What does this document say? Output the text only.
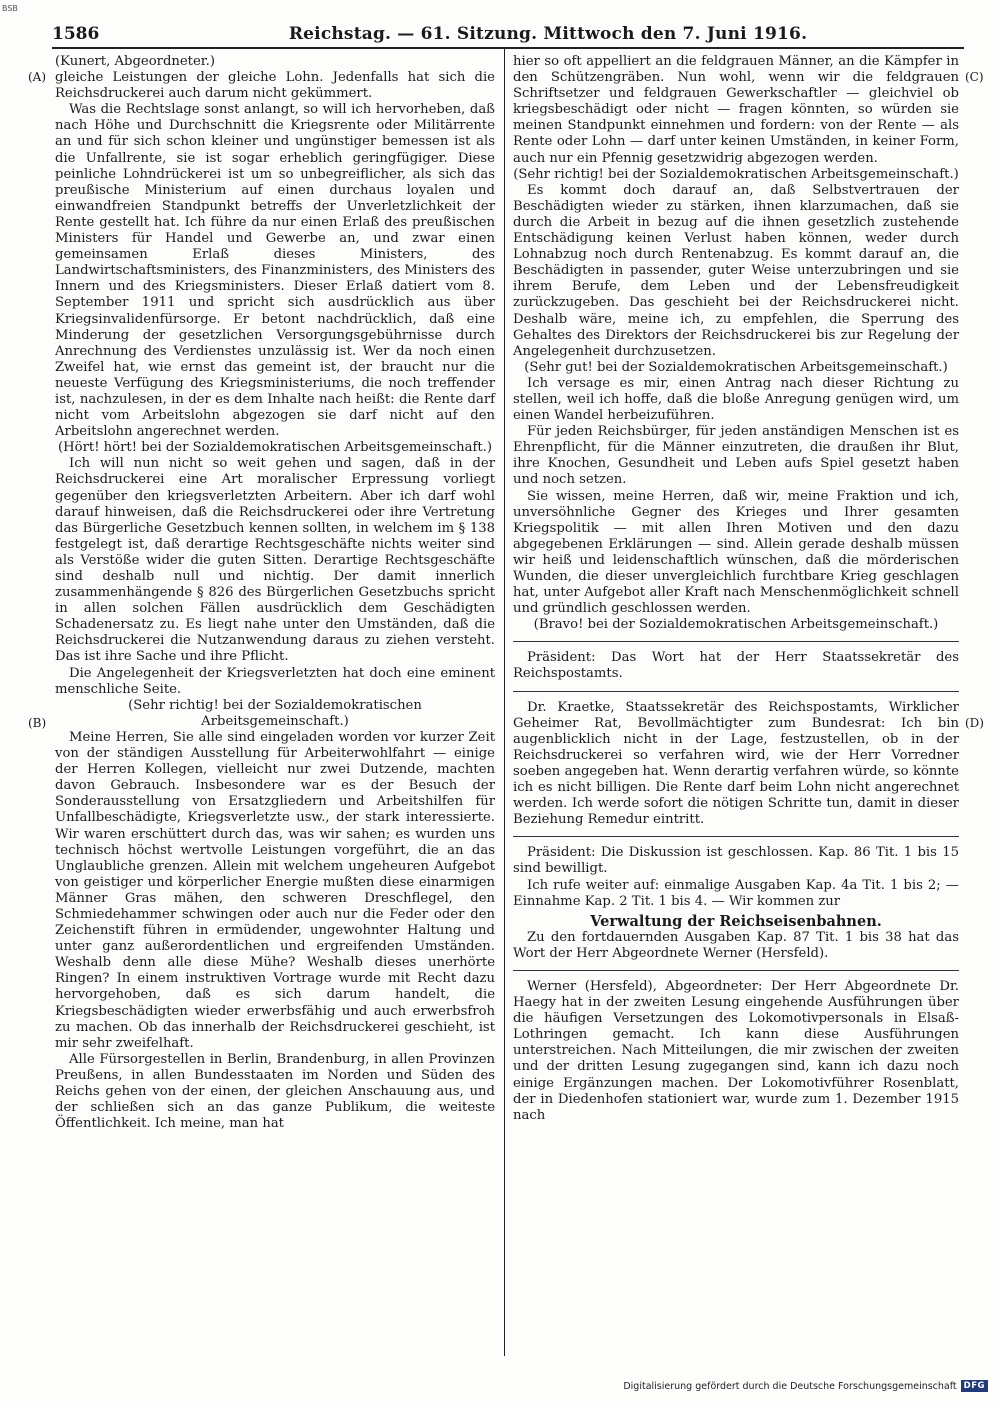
BSB
1586	Reichstag. — 61. Sitzung. Mittwoch den 7. Juni 1916.
(A)
(B)
(C)
(D)

(Kunert, Abgeordneter.)

gleiche Leistungen der gleiche Lohn. Jedenfalls hat sich die Reichsdruckerei auch darum nicht gekümmert.

Was die Rechtslage sonst anlangt, so will ich hervorheben, daß nach Höhe und Durchschnitt die Kriegsrente oder Militärrente an und für sich schon kleiner und ungünstiger bemessen ist als die Unfallrente, sie ist sogar erheblich geringfügiger. Diese peinliche Lohndrückerei ist um so unbegreiflicher, als sich das preußische Ministerium auf einen durchaus loyalen und einwandfreien Standpunkt betreffs der Unverletzlichkeit der Rente gestellt hat. Ich führe da nur einen Erlaß des preußischen Ministers für Handel und Gewerbe an, und zwar einen gemeinsamen Erlaß dieses Ministers, des Landwirtschaftsministers, des Finanzministers, des Ministers des Innern und des Kriegsministers. Dieser Erlaß datiert vom 8. September 1911 und spricht sich ausdrücklich aus über Kriegsinvalidenfürsorge. Er betont nachdrücklich, daß eine Minderung der gesetzlichen Versorgungsgebührnisse durch Anrechnung des Verdienstes unzulässig ist. Wer da noch einen Zweifel hat, wie ernst das gemeint ist, der braucht nur die neueste Verfügung des Kriegsministeriums, die noch treffender ist, nachzulesen, in der es dem Inhalte nach heißt: die Rente darf nicht vom Arbeitslohn abgezogen sie darf nicht auf den Arbeitslohn angerechnet werden.

(Hört! hört! bei der Sozialdemokratischen Arbeitsgemeinschaft.)

Ich will nun nicht so weit gehen und sagen, daß in der Reichsdruckerei eine Art moralischer Erpressung vorliegt gegenüber den kriegsverletzten Arbeitern. Aber ich darf wohl darauf hinweisen, daß die Reichsdruckerei oder ihre Vertretung das Bürgerliche Gesetzbuch kennen sollten, in welchem im § 138 festgelegt ist, daß derartige Rechtsgeschäfte nichts weiter sind als Verstöße wider die guten Sitten. Derartige Rechtsgeschäfte sind deshalb null und nichtig. Der damit innerlich zusammenhängende § 826 des Bürgerlichen Gesetzbuchs spricht in allen solchen Fällen ausdrücklich dem Geschädigten Schadenersatz zu. Es liegt nahe unter den Umständen, daß die Reichsdruckerei die Nutzanwendung daraus zu ziehen versteht. Das ist ihre Sache und ihre Pflicht.

Die Angelegenheit der Kriegsverletzten hat doch eine eminent menschliche Seite.

(Sehr richtig! bei der Sozialdemokratischen Arbeitsgemeinschaft.)

Meine Herren, Sie alle sind eingeladen worden vor kurzer Zeit von der ständigen Ausstellung für Arbeiterwohlfahrt — einige der Herren Kollegen, vielleicht nur zwei Dutzende, machten davon Gebrauch. Insbesondere war es der Besuch der Sonderausstellung von Ersatzgliedern und Arbeitshilfen für Unfallbeschädigte, Kriegsverletzte usw., der stark interessierte. Wir waren erschüttert durch das, was wir sahen; es wurden uns technisch höchst wertvolle Leistungen vorgeführt, die an das Unglaubliche grenzen. Allein mit welchem ungeheuren Aufgebot von geistiger und körperlicher Energie mußten diese einarmigen Männer Gras mähen, den schweren Dreschflegel, den Schmiedehammer schwingen oder auch nur die Feder oder den Zeichenstift führen in ermüdender, ungewohnter Haltung und unter ganz außerordentlichen und ergreifenden Umständen. Weshalb denn alle diese Mühe? Weshalb dieses unerhörte Ringen? In einem instruktiven Vortrage wurde mit Recht dazu hervorgehoben, daß es sich darum handelt, die Kriegsbeschädigten wieder erwerbsfähig und auch erwerbsfroh zu machen. Ob das innerhalb der Reichsdruckerei geschieht, ist mir sehr zweifelhaft.

Alle Fürsorgestellen in Berlin, Brandenburg, in allen Provinzen Preußens, in allen Bundesstaaten im Norden und Süden des Reichs gehen von der einen, der gleichen Anschauung aus, und der schließen sich an das ganze Publikum, die weiteste Öffentlichkeit. Ich meine, man hat

hier so oft appelliert an die feldgrauen Männer, an die Kämpfer in den Schützengräben. Nun wohl, wenn wir die feldgrauen Schriftsetzer und feldgrauen Gewerkschaftler — gleichviel ob kriegsbeschädigt oder nicht — fragen könnten, so würden sie meinen Standpunkt einnehmen und fordern: von der Rente — als Rente oder Lohn — darf unter keinen Umständen, in keiner Form, auch nur ein Pfennig gesetzwidrig abgezogen werden.

(Sehr richtig! bei der Sozialdemokratischen Arbeitsgemeinschaft.)

Es kommt doch darauf an, daß Selbstvertrauen der Beschädigten wieder zu stärken, ihnen klarzumachen, daß sie durch die Arbeit in bezug auf die ihnen gesetzlich zustehende Entschädigung keinen Verlust haben können, weder durch Lohnabzug noch durch Rentenabzug. Es kommt darauf an, die Beschädigten in passender, guter Weise unterzubringen und sie ihrem Berufe, dem Leben und der Lebensfreudigkeit zurückzugeben. Das geschieht bei der Reichsdruckerei nicht. Deshalb wäre, meine ich, zu empfehlen, die Sperrung des Gehaltes des Direktors der Reichsdruckerei bis zur Regelung der Angelegenheit durchzusetzen.

(Sehr gut! bei der Sozialdemokratischen Arbeitsgemeinschaft.)

Ich versage es mir, einen Antrag nach dieser Richtung zu stellen, weil ich hoffe, daß die bloße Anregung genügen wird, um einen Wandel herbeizuführen.

Für jeden Reichsbürger, für jeden anständigen Menschen ist es Ehrenpflicht, für die Männer einzutreten, die draußen ihr Blut, ihre Knochen, Gesundheit und Leben aufs Spiel gesetzt haben und noch setzen.

Sie wissen, meine Herren, daß wir, meine Fraktion und ich, unversöhnliche Gegner des Krieges und Ihrer gesamten Kriegspolitik — mit allen Ihren Motiven und den dazu abgegebenen Erklärungen — sind. Allein gerade deshalb müssen wir heiß und leidenschaftlich wünschen, daß die mörderischen Wunden, die dieser unvergleichlich furchtbare Krieg geschlagen hat, unter Aufgebot aller Kraft nach Menschenmöglichkeit schnell und gründlich geschlossen werden.

(Bravo! bei der Sozialdemokratischen Arbeitsgemeinschaft.)

Präsident: Das Wort hat der Herr Staatssekretär des Reichspostamts.

Dr. Kraetke, Staatssekretär des Reichspostamts, Wirklicher Geheimer Rat, Bevollmächtigter zum Bundesrat: Ich bin augenblicklich nicht in der Lage, festzustellen, ob in der Reichsdruckerei so verfahren wird, wie der Herr Vorredner soeben angegeben hat. Wenn derartig verfahren würde, so könnte ich es nicht billigen. Die Rente darf beim Lohn nicht angerechnet werden. Ich werde sofort die nötigen Schritte tun, damit in dieser Beziehung Remedur eintritt.

Präsident: Die Diskussion ist geschlossen. Kap. 86 Tit. 1 bis 15 sind bewilligt.

Ich rufe weiter auf: einmalige Ausgaben Kap. 4a Tit. 1 bis 2; — Einnahme Kap. 2 Tit. 1 bis 4. — Wir kommen zur

Verwaltung der Reichseisenbahnen.

Zu den fortdauernden Ausgaben Kap. 87 Tit. 1 bis 38 hat das Wort der Herr Abgeordnete Werner (Hersfeld).

Werner (Hersfeld), Abgeordneter: Der Herr Abgeordnete Dr. Haegy hat in der zweiten Lesung eingehende Ausführungen über die häufigen Versetzungen des Lokomotivpersonals in Elsaß-Lothringen gemacht. Ich kann diese Ausführungen unterstreichen. Nach Mitteilungen, die mir zwischen der zweiten und der dritten Lesung zugegangen sind, kann ich dazu noch einige Ergänzungen machen. Der Lokomotivführer Rosenblatt, der in Diedenhofen stationiert war, wurde zum 1. Dezember 1915 nach

Digitalisierung gefördert durch die Deutsche Forschungsgemeinschaft DFG
